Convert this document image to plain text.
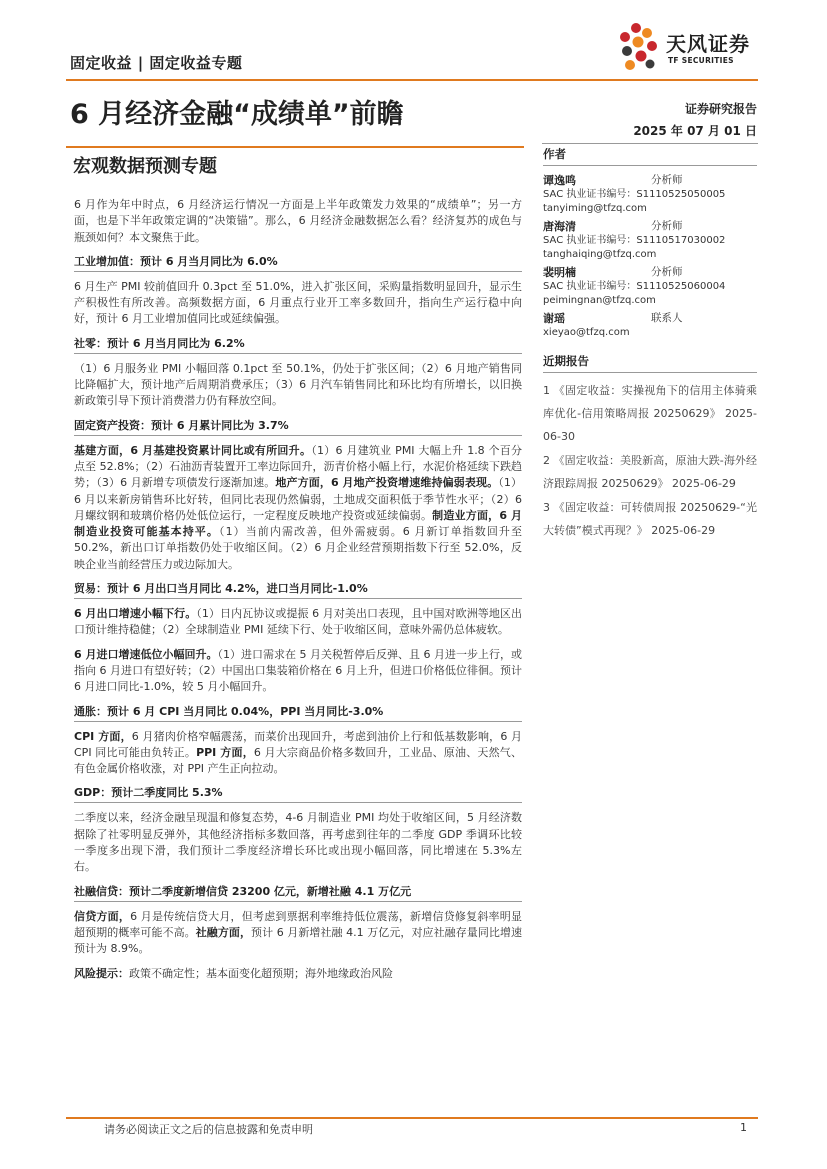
固定收益 | 固定收益专题
天风证券
TF SECURITIES
6 月经济金融“成绩单”前瞻	证券研究报告
2025 年 07 月 01 日
宏观数据预测专题

6 月作为年中时点，6 月经济运行情况一方面是上半年政策发力效果的“成绩单”；另一方面，也是下半年政策定调的“决策锚”。那么，6 月经济金融数据怎么看？经济复苏的成色与瓶颈如何？本文聚焦于此。

工业增加值：预计 6 月当月同比为 6.0%

6 月生产 PMI 较前值回升 0.3pct 至 51.0%，进入扩张区间，采购量指数明显回升，显示生产积极性有所改善。高频数据方面，6 月重点行业开工率多数回升，指向生产运行稳中向好，预计 6 月工业增加值同比或延续偏强。

社零：预计 6 月当月同比为 6.2%

（1）6 月服务业 PMI 小幅回落 0.1pct 至 50.1%，仍处于扩张区间；（2）6 月地产销售同比降幅扩大，预计地产后周期消费承压；（3）6 月汽车销售同比和环比均有所增长，以旧换新政策引导下预计消费潜力仍有释放空间。

固定资产投资：预计 6 月累计同比为 3.7%

基建方面，6 月基建投资累计同比或有所回升。（1）6 月建筑业 PMI 大幅上升 1.8 个百分点至 52.8%；（2）石油沥青装置开工率边际回升，沥青价格小幅上行，水泥价格延续下跌趋势；（3）6 月新增专项债发行逐渐加速。地产方面，6 月地产投资增速维持偏弱表现。（1）6 月以来新房销售环比好转，但同比表现仍然偏弱，土地成交面积低于季节性水平；（2）6 月螺纹钢和玻璃价格仍处低位运行，一定程度反映地产投资或延续偏弱。制造业方面，6 月制造业投资可能基本持平。（1）当前内需改善，但外需疲弱。6 月新订单指数回升至 50.2%，新出口订单指数仍处于收缩区间。（2）6 月企业经营预期指数下行至 52.0%，反映企业当前经营压力或边际加大。

贸易：预计 6 月出口当月同比 4.2%，进口当月同比-1.0%

6 月出口增速小幅下行。（1）日内瓦协议或提振 6 月对美出口表现，且中国对欧洲等地区出口预计维持稳健；（2）全球制造业 PMI 延续下行、处于收缩区间，意味外需仍总体疲软。

6 月进口增速低位小幅回升。（1）进口需求在 5 月关税暂停后反弹、且 6 月进一步上行，或指向 6 月进口有望好转；（2）中国出口集装箱价格在 6 月上升，但进口价格低位徘徊。预计 6 月进口同比-1.0%，较 5 月小幅回升。

通胀：预计 6 月 CPI 当月同比 0.04%，PPI 当月同比-3.0%

CPI 方面，6 月猪肉价格窄幅震荡，而菜价出现回升，考虑到油价上行和低基数影响，6 月 CPI 同比可能由负转正。PPI 方面，6 月大宗商品价格多数回升，工业品、原油、天然气、有色金属价格收涨，对 PPI 产生正向拉动。

GDP：预计二季度同比 5.3%

二季度以来，经济金融呈现温和修复态势，4-6 月制造业 PMI 均处于收缩区间，5 月经济数据除了社零明显反弹外，其他经济指标多数回落，再考虑到往年的二季度 GDP 季调环比较一季度多出现下滑，我们预计二季度经济增长环比或出现小幅回落，同比增速在 5.3%左右。

社融信贷：预计二季度新增信贷 23200 亿元，新增社融 4.1 万亿元

信贷方面，6 月是传统信贷大月，但考虑到票据利率维持低位震荡，新增信贷修复斜率明显超预期的概率可能不高。社融方面，预计 6 月新增社融 4.1 万亿元，对应社融存量同比增速预计为 8.9%。

风险提示：政策不确定性；基本面变化超预期；海外地缘政治风险

作者
谭逸鸣	分析师
SAC 执业证书编号：S1110525050005
tanyiming@tfzq.com
唐海清	分析师
SAC 执业证书编号：S1110517030002
tanghaiqing@tfzq.com
裴明楠	分析师
SAC 执业证书编号：S1110525060004
peimingnan@tfzq.com
谢瑶	联系人
xieyao@tfzq.com
近期报告
1 《固定收益：实操视角下的信用主体骑乘库优化-信用策略周报 20250629》 2025-06-30
2 《固定收益：美股新高，原油大跌-海外经济跟踪周报 20250629》 2025-06-29
3 《固定收益：可转债周报 20250629-“光大转债”模式再现？》 2025-06-29
请务必阅读正文之后的信息披露和免责申明	1
